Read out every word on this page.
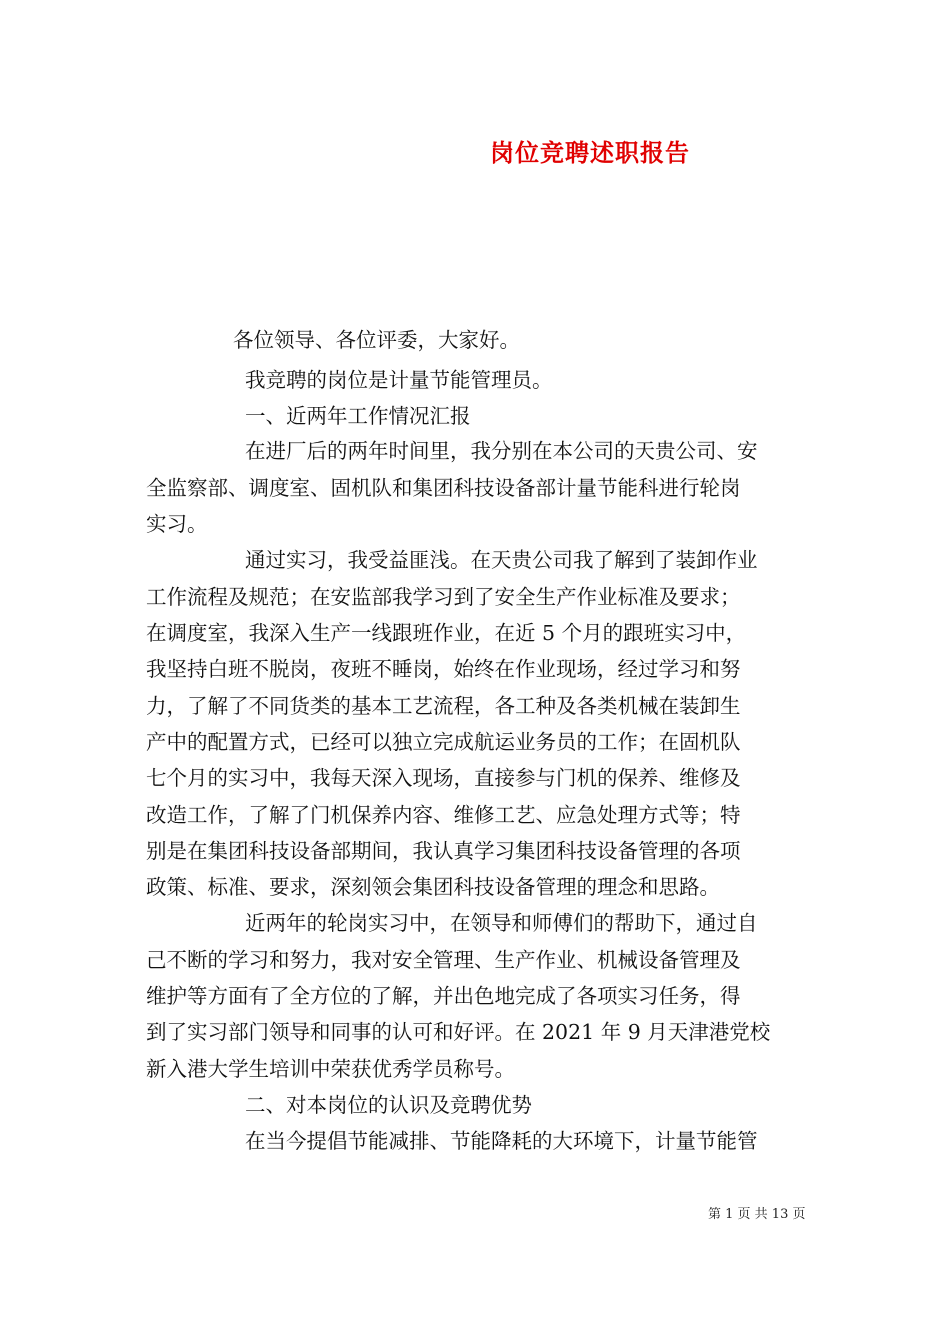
岗位竞聘述职报告
各位领导、各位评委，大家好。
我竞聘的岗位是计量节能管理员。
一、近两年工作情况汇报
在进厂后的两年时间里，我分别在本公司的天贵公司、安
全监察部、调度室、固机队和集团科技设备部计量节能科进行轮岗
实习。
通过实习，我受益匪浅。在天贵公司我了解到了装卸作业
工作流程及规范；在安监部我学习到了安全生产作业标准及要求；
在调度室，我深入生产一线跟班作业，在近 5 个月的跟班实习中，
我坚持白班不脱岗，夜班不睡岗，始终在作业现场，经过学习和努
力，了解了不同货类的基本工艺流程，各工种及各类机械在装卸生
产中的配置方式，已经可以独立完成航运业务员的工作；在固机队
七个月的实习中，我每天深入现场，直接参与门机的保养、维修及
改造工作，了解了门机保养内容、维修工艺、应急处理方式等；特
别是在集团科技设备部期间，我认真学习集团科技设备管理的各项
政策、标准、要求，深刻领会集团科技设备管理的理念和思路。
近两年的轮岗实习中，在领导和师傅们的帮助下，通过自
己不断的学习和努力，我对安全管理、生产作业、机械设备管理及
维护等方面有了全方位的了解，并出色地完成了各项实习任务，得
到了实习部门领导和同事的认可和好评。在 2021 年 9 月天津港党校
新入港大学生培训中荣获优秀学员称号。
二、对本岗位的认识及竞聘优势
在当今提倡节能减排、节能降耗的大环境下，计量节能管
第 1 页 共 13 页
